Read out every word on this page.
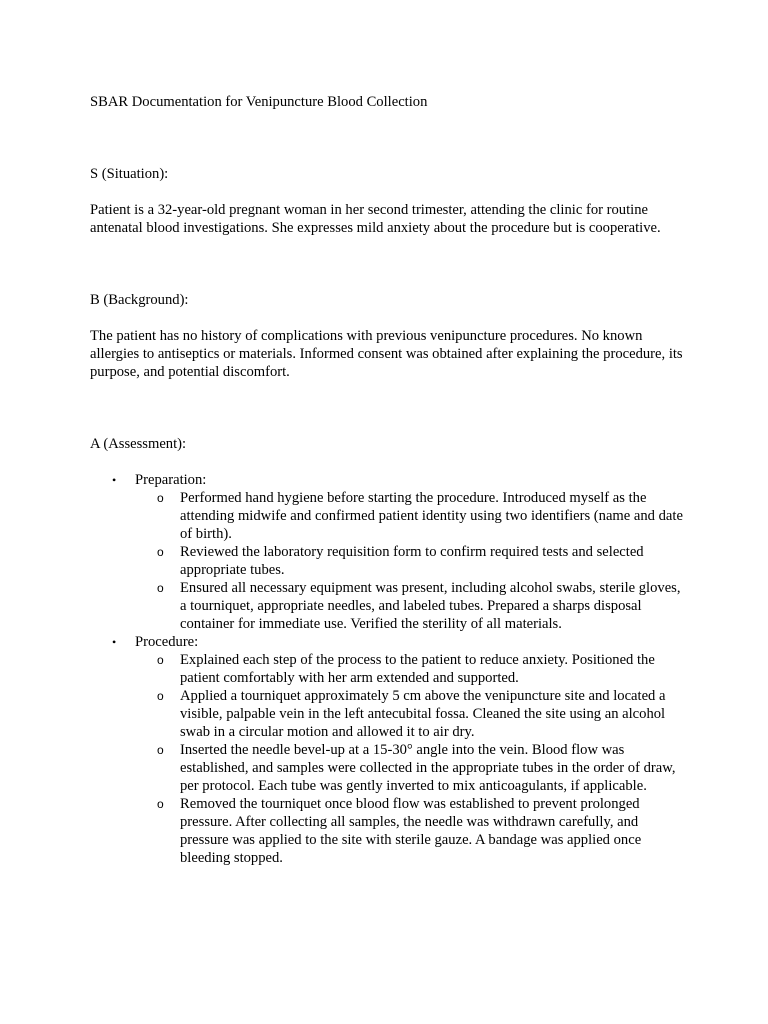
SBAR Documentation for Venipuncture Blood Collection

S (Situation):

Patient is a 32-year-old pregnant woman in her second trimester, attending the clinic for routine antenatal blood investigations. She expresses mild anxiety about the procedure but is cooperative.

B (Background):

The patient has no history of complications with previous venipuncture procedures. No known allergies to antiseptics or materials. Informed consent was obtained after explaining the procedure, its purpose, and potential discomfort.

A (Assessment):

• Preparation:
o Performed hand hygiene before starting the procedure. Introduced myself as the attending midwife and confirmed patient identity using two identifiers (name and date of birth).
o Reviewed the laboratory requisition form to confirm required tests and selected appropriate tubes.
o Ensured all necessary equipment was present, including alcohol swabs, sterile gloves, a tourniquet, appropriate needles, and labeled tubes. Prepared a sharps disposal container for immediate use. Verified the sterility of all materials.
• Procedure:
o Explained each step of the process to the patient to reduce anxiety. Positioned the patient comfortably with her arm extended and supported.
o Applied a tourniquet approximately 5 cm above the venipuncture site and located a visible, palpable vein in the left antecubital fossa. Cleaned the site using an alcohol swab in a circular motion and allowed it to air dry.
o Inserted the needle bevel-up at a 15-30° angle into the vein. Blood flow was established, and samples were collected in the appropriate tubes in the order of draw, per protocol. Each tube was gently inverted to mix anticoagulants, if applicable.
o Removed the tourniquet once blood flow was established to prevent prolonged pressure. After collecting all samples, the needle was withdrawn carefully, and pressure was applied to the site with sterile gauze. A bandage was applied once bleeding stopped.
